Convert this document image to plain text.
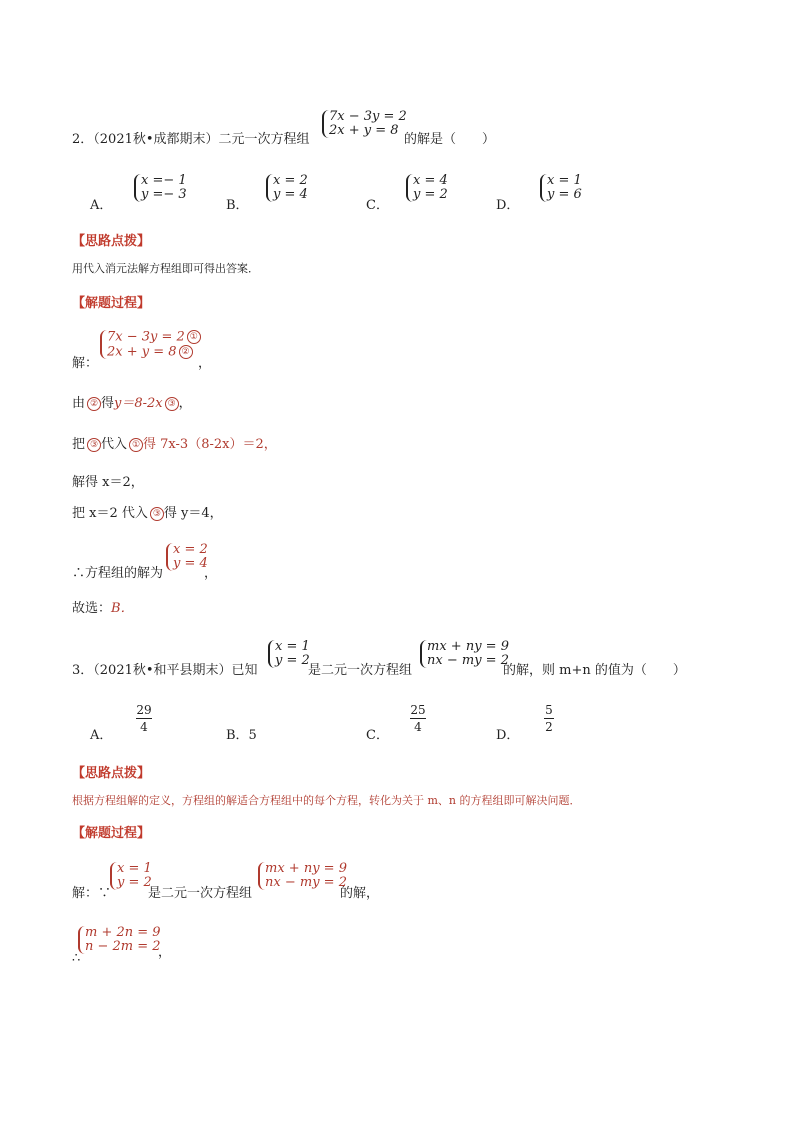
2．（2021秋•成都期末）二元一次方程组
7x − 3y = 2
2x + y = 8
的解是（　　）
A．
x =− 1
y =− 3
B．
x = 2
y = 4
C．
x = 4
y = 2
D．
x = 1
y = 6
【思路点拨】
用代入消元法解方程组即可得出答案．
【解题过程】
解：
7x − 3y = 2 ①
2x + y = 8 ②
，
由 ② 得y＝8-2x ③ ，
把 ③ 代入 ① 得 7x-3（8-2x）＝2，
解得 x＝2，
把 x＝2 代入 ③ 得 y＝4，
∴方程组的解为
x = 2
y = 4
，
故选：B．
3．（2021秋•和平县期末）已知
x = 1
y = 2
是二元一次方程组
mx + ny = 9
nx − my = 2
的解，则 m+n 的值为（　　）
A．
29
4
B．5	C．
25
4
D．
5
2
【思路点拨】
根据方程组解的定义，方程组的解适合方程组中的每个方程，转化为关于 m、n 的方程组即可解决问题．
【解题过程】
解：∵
x = 1
y = 2
是二元一次方程组
mx + ny = 9
nx − my = 2
的解，
∴
m + 2n = 9
n − 2m = 2
，
